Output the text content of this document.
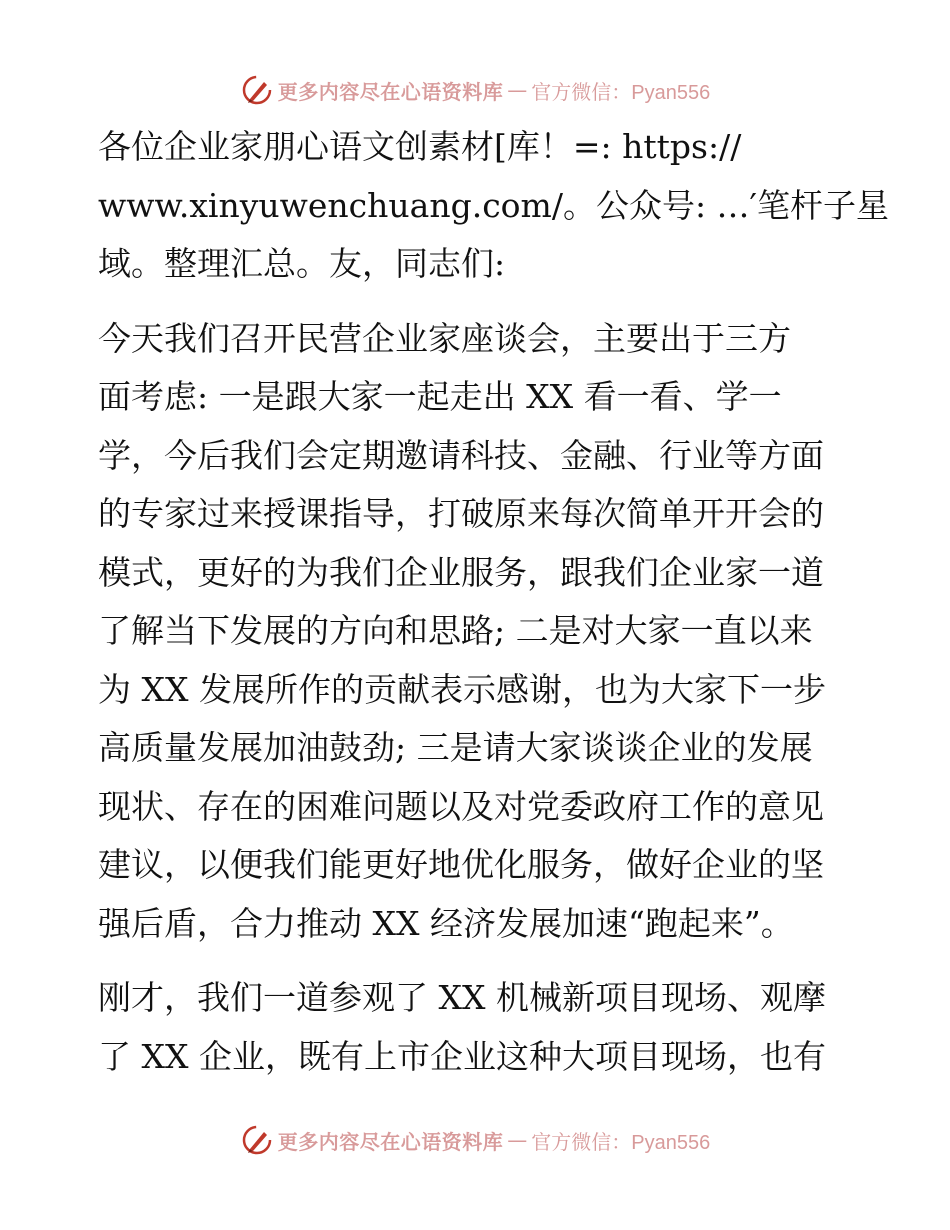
更多内容尽在心语资料库 — 官方微信：Pyan556

各位企业家朋心语文创素材[库！=: https://
www.xinyuwenchuang.com/。公众号: …′笔杆子星
域。整理汇总。友，同志们:

今天我们召开民营企业家座谈会，主要出于三方
面考虑: 一是跟大家一起走出 XX 看一看、学一
学，今后我们会定期邀请科技、金融、行业等方面
的专家过来授课指导，打破原来每次简单开开会的
模式，更好的为我们企业服务，跟我们企业家一道
了解当下发展的方向和思路; 二是对大家一直以来
为 XX 发展所作的贡献表示感谢，也为大家下一步
高质量发展加油鼓劲; 三是请大家谈谈企业的发展
现状、存在的困难问题以及对党委政府工作的意见
建议，以便我们能更好地优化服务，做好企业的坚
强后盾，合力推动 XX 经济发展加速“跑起来”。

刚才，我们一道参观了 XX 机械新项目现场、观摩
了 XX 企业，既有上市企业这种大项目现场，也有

更多内容尽在心语资料库 — 官方微信：Pyan556
